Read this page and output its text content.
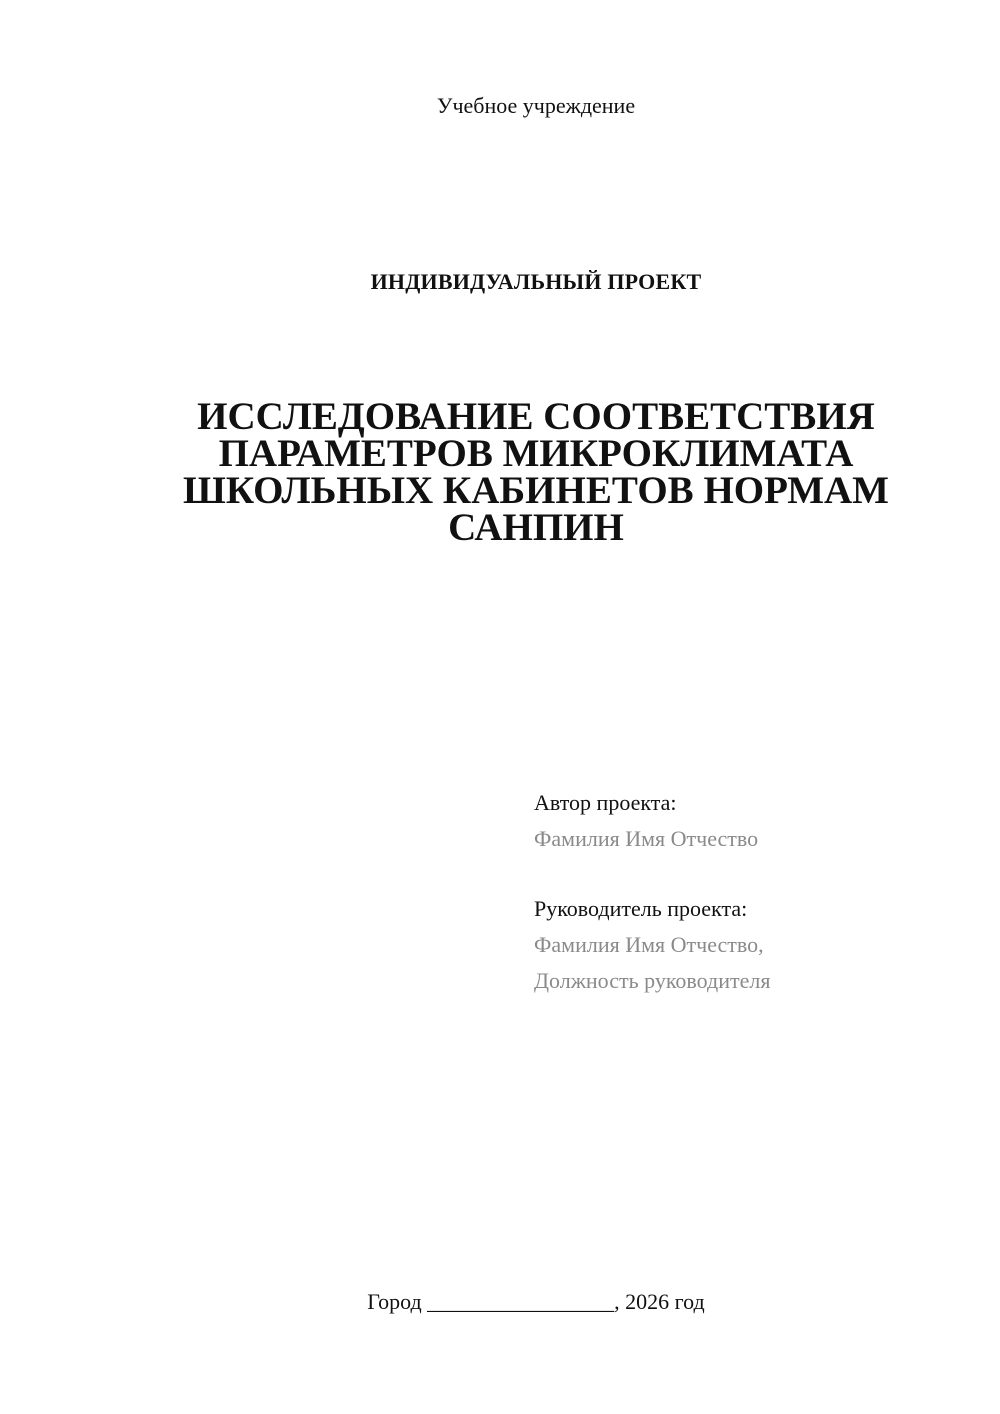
Учебное учреждение
ИНДИВИДУАЛЬНЫЙ ПРОЕКТ
ИССЛЕДОВАНИЕ СООТВЕТСТВИЯ
ПАРАМЕТРОВ МИКРОКЛИМАТА
ШКОЛЬНЫХ КАБИНЕТОВ НОРМАМ
САНПИН
Автор проекта:
Фамилия Имя Отчество
Руководитель проекта:
Фамилия Имя Отчество,
Должность руководителя
Город _________________, 2026 год
